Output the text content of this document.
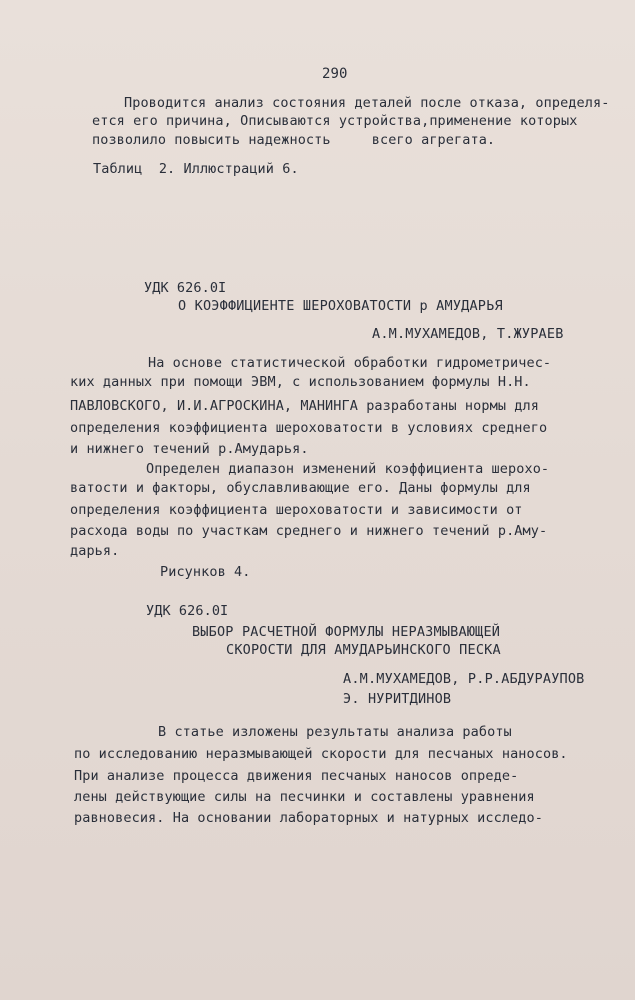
290
Проводится анализ состояния деталей после отказа, определя-
ется его причина, Описываются устройства,применение которых
позволило повысить надежность     всего агрегата.
Таблиц  2. Иллюстраций 6.
УДК 626.0I
О КОЭФФИЦИЕНТЕ ШЕРОХОВАТОСТИ р АМУДАРЬЯ
А.М.МУХАМЕДОВ, Т.ЖУРАЕВ
На основе статистической обработки гидрометричес-
ких данных при помощи ЭВМ, с использованием формулы Н.Н.
ПАВЛОВСКОГО, И.И.АГРОСКИНА, МАНИНГА разработаны нормы для
определения коэффициента шероховатости в условиях среднего
и нижнего течений р.Амударья.
Определен диапазон изменений коэффициента шерохо-
ватости и факторы, обуславливающие его. Даны формулы для
определения коэффициента шероховатости и зависимости от
расхода воды по участкам среднего и нижнего течений р.Аму-
дарья.
Рисунков 4.
УДК 626.0I
ВЫБОР РАСЧЕТНОЙ ФОРМУЛЫ НЕРАЗМЫВАЮЩЕЙ
СКОРОСТИ ДЛЯ АМУДАРЬИНСКОГО ПЕСКА
А.М.МУХАМЕДОВ, Р.Р.АБДУРАУПОВ
Э. НУРИТДИНОВ
В статье изложены результаты анализа работы
по исследованию неразмывающей скорости для песчаных наносов.
При анализе процесса движения песчаных наносов опреде-
лены действующие силы на песчинки и составлены уравнения
равновесия. На основании лабораторных и натурных исследо-
